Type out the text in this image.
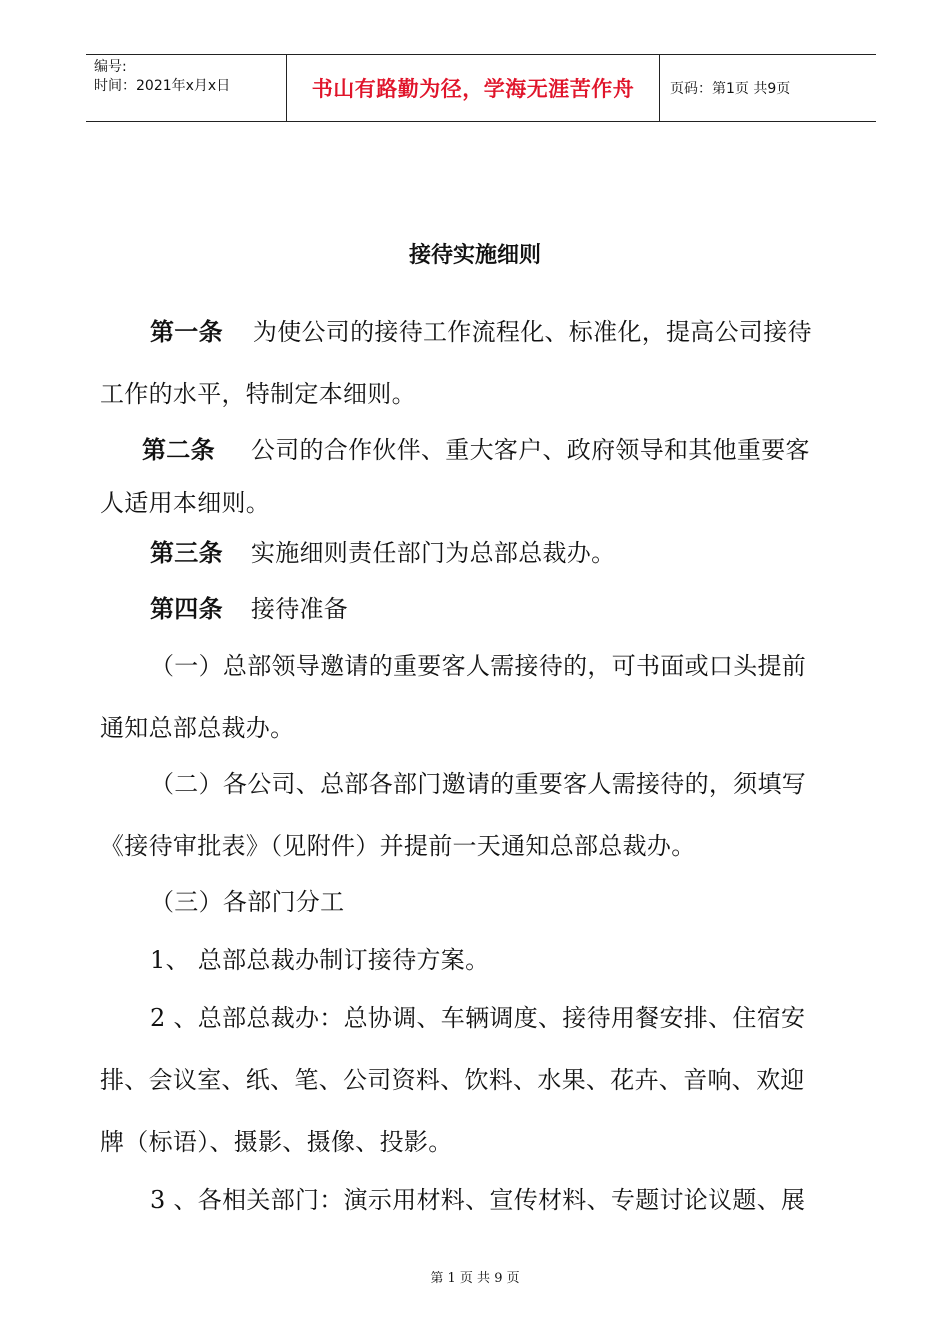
编号:
时间：2021年x月x日	书山有路勤为径，学海无涯苦作舟	页码：第1页 共9页
接待实施细则
第一条 为使公司的接待工作流程化、标准化，提高公司接待
工作的水平，特制定本细则。
第二条 公司的合作伙伴、重大客户、政府领导和其他重要客
人适用本细则。
第三条 实施细则责任部门为总部总裁办。
第四条 接待准备
（一）总部领导邀请的重要客人需接待的，可书面或口头提前
通知总部总裁办。
（二）各公司、总部各部门邀请的重要客人需接待的，须填写
《接待审批表》（见附件）并提前一天通知总部总裁办。
（三）各部门分工
1、 总部总裁办制订接待方案。
2 、总部总裁办：总协调、车辆调度、接待用餐安排、住宿安
排、会议室、纸、笔、公司资料、饮料、水果、花卉、音响、欢迎
牌（标语）、摄影、摄像、投影。
3 、各相关部门：演示用材料、宣传材料、专题讨论议题、展
第 1 页 共 9 页
